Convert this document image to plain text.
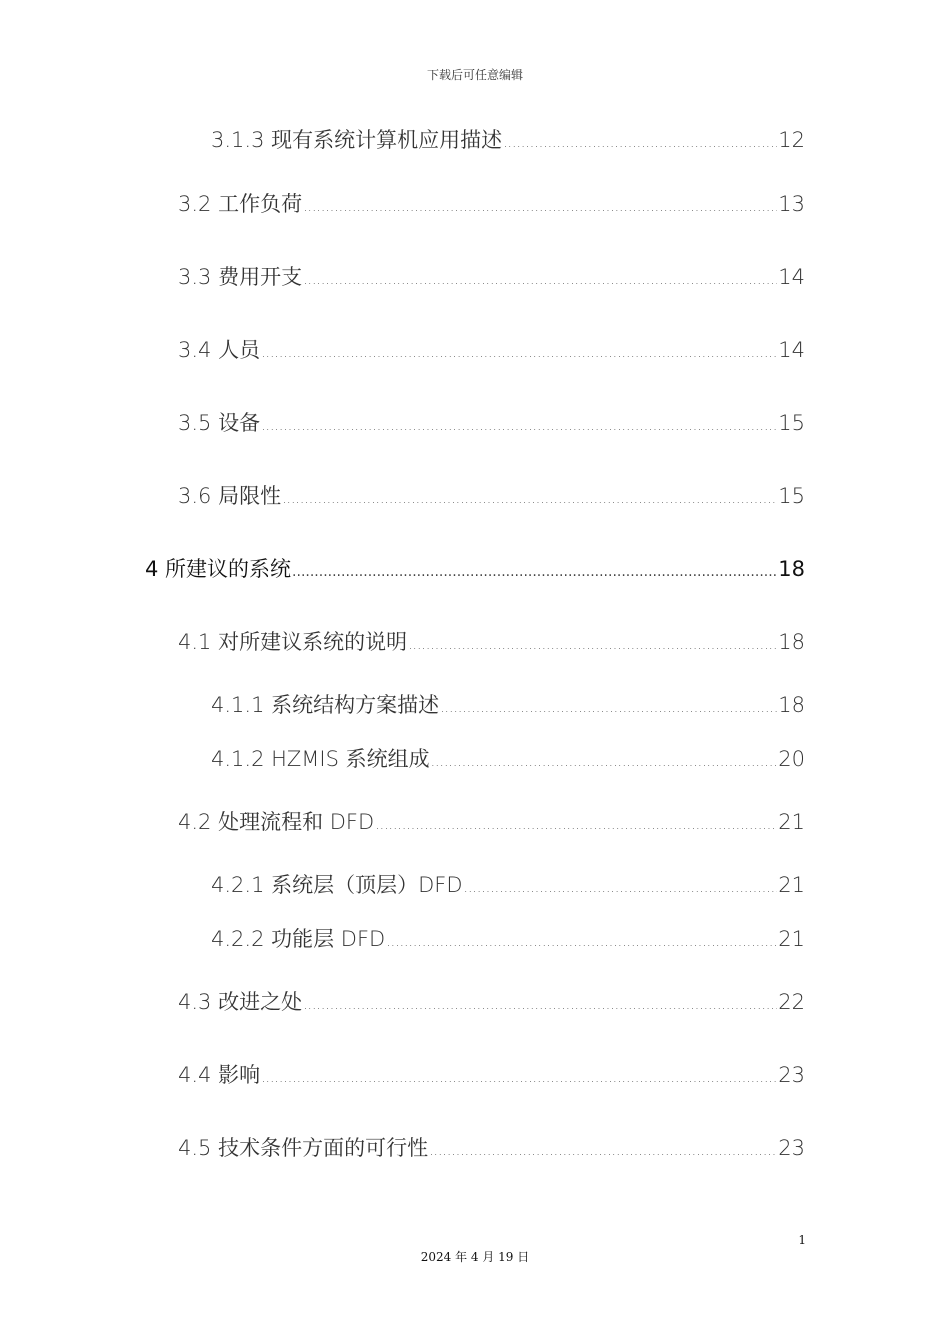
下载后可任意编辑
3.1.3 现有系统计算机应用描述 .....	12
3.2 工作负荷 .....	13
3.3 费用开支 .....	14
3.4 人员 .....	14
3.5 设备 .....	15
3.6 局限性 .....	15
4 所建议的系统 .....	18
4.1 对所建议系统的说明 .....	18
4.1.1 系统结构方案描述 .....	18
4.1.2 HZMIS 系统组成 .....	20
4.2 处理流程和 DFD .....	21
4.2.1 系统层（顶层）DFD .....	21
4.2.2 功能层 DFD .....	21
4.3 改进之处 .....	22
4.4 影响 .....	23
4.5 技术条件方面的可行性 .....	23
1
2024 年 4 月 19 日
